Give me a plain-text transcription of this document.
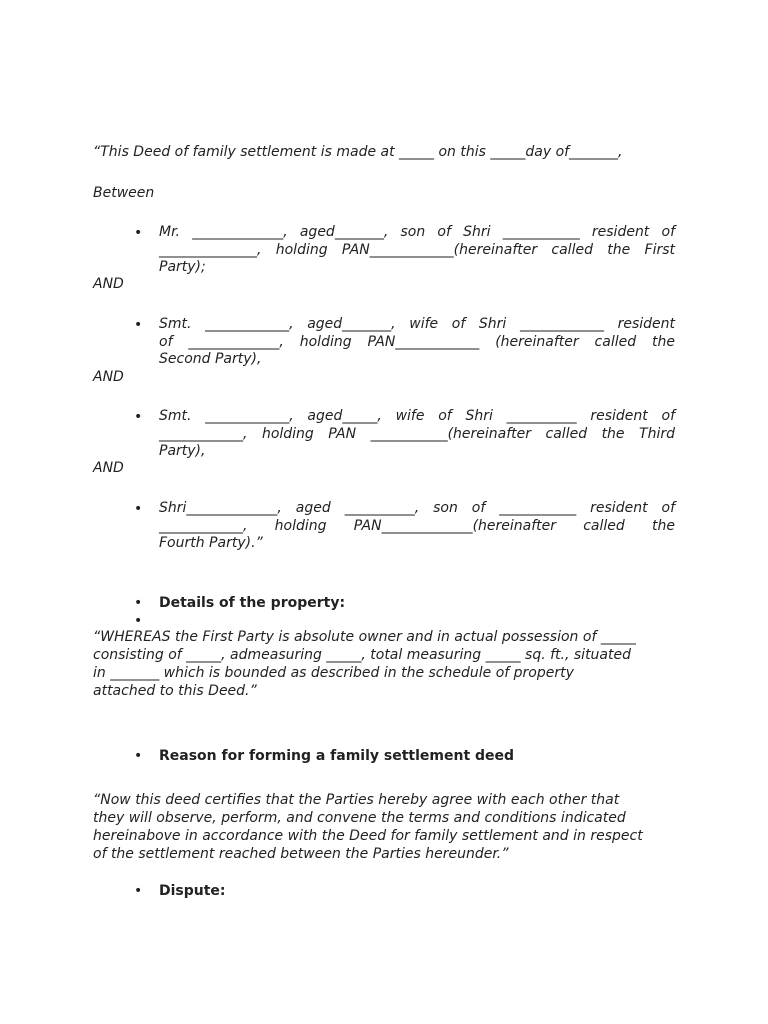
“This Deed of family settlement is made at _____ on this _____day of_______,
Between
• Mr. _____________, aged_______, son of Shri ___________ resident of
______________, holding PAN____________(hereinafter called the First
Party);
AND
• Smt. ____________, aged_______, wife of Shri ____________ resident
of _____________, holding PAN____________ (hereinafter called the
Second Party),
AND
• Smt. ____________, aged_____, wife of Shri __________ resident of
____________, holding PAN ___________(hereinafter called the Third
Party),
AND
• Shri_____________, aged __________, son of ___________ resident of
____________, holding PAN_____________(hereinafter called the
Fourth Party).”
• Details of the property:
•
“WHEREAS the First Party is absolute owner and in actual possession of _____
consisting of _____, admeasuring _____, total measuring _____ sq. ft., situated
in _______ which is bounded as described in the schedule of property
attached to this Deed.”
• Reason for forming a family settlement deed
“Now this deed certifies that the Parties hereby agree with each other that
they will observe, perform, and convene the terms and conditions indicated
hereinabove in accordance with the Deed for family settlement and in respect
of the settlement reached between the Parties hereunder.”
• Dispute:
